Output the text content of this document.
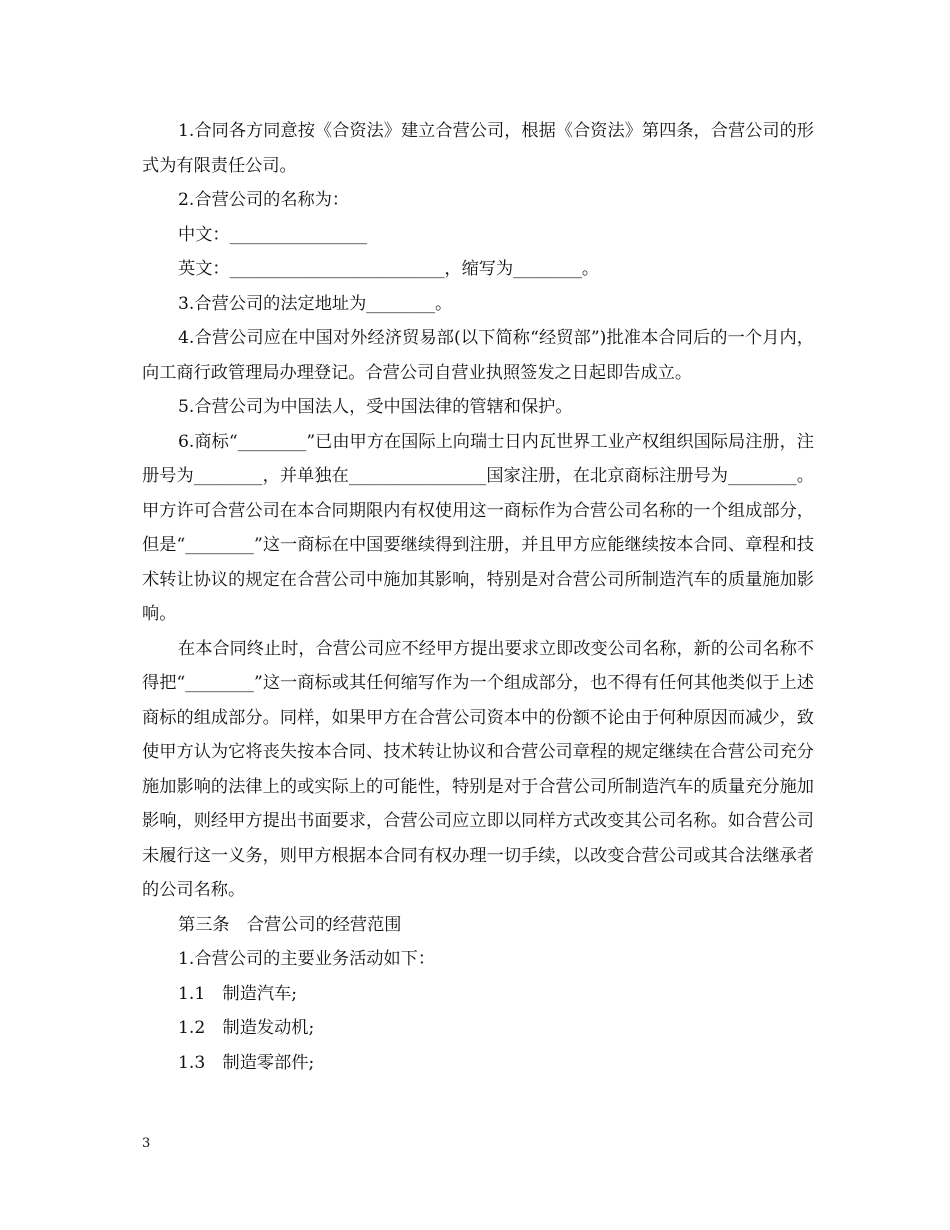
1.合同各方同意按《合资法》建立合营公司，根据《合资法》第四条，合营公司的形式为有限责任公司。

2.合营公司的名称为：

中文：________________

英文：_________________________，缩写为________。

3.合营公司的法定地址为________。

4.合营公司应在中国对外经济贸易部(以下简称“经贸部”)批准本合同后的一个月内，向工商行政管理局办理登记。合营公司自营业执照签发之日起即告成立。

5.合营公司为中国法人，受中国法律的管辖和保护。

6.商标“________”已由甲方在国际上向瑞士日内瓦世界工业产权组织国际局注册，注册号为________，并单独在________________国家注册，在北京商标注册号为________。甲方许可合营公司在本合同期限内有权使用这一商标作为合营公司名称的一个组成部分，但是“________”这一商标在中国要继续得到注册，并且甲方应能继续按本合同、章程和技术转让协议的规定在合营公司中施加其影响，特别是对合营公司所制造汽车的质量施加影响。

在本合同终止时，合营公司应不经甲方提出要求立即改变公司名称，新的公司名称不得把“________”这一商标或其任何缩写作为一个组成部分，也不得有任何其他类似于上述商标的组成部分。同样，如果甲方在合营公司资本中的份额不论由于何种原因而减少，致使甲方认为它将丧失按本合同、技术转让协议和合营公司章程的规定继续在合营公司充分施加影响的法律上的或实际上的可能性，特别是对于合营公司所制造汽车的质量充分施加影响，则经甲方提出书面要求，合营公司应立即以同样方式改变其公司名称。如合营公司未履行这一义务，则甲方根据本合同有权办理一切手续，以改变合营公司或其合法继承者的公司名称。

第三条　合营公司的经营范围

1.合营公司的主要业务活动如下：

1.1　制造汽车;

1.2　制造发动机;

1.3　制造零部件;

3
